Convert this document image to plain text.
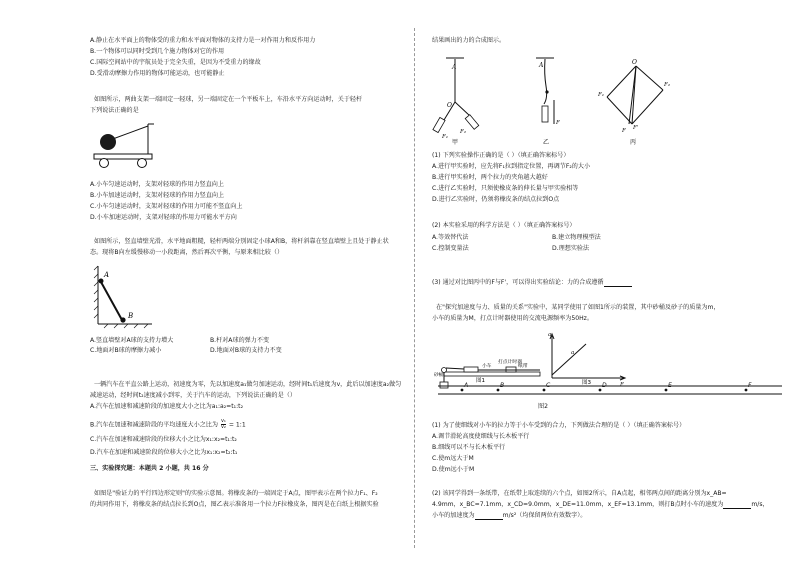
A.静止在水平面上的物体受的重力和水平面对物体的支持力是一对作用力和反作用力
B.一个物体可以同时受到几个施力物体对它的作用
C.国际空间站中的宇航员处于完全失重，是因为不受重力的缘故
D.受滑动摩擦力作用的物体可能运动，也可能静止
如图所示，两曲支架一端固定一轻球，另一端固定在一个平板车上，车沿水平方向运动时，关于轻杆
下列说法正确的是
A.小车匀速运动时，支架对轻球的作用力竖直向上
B.小车加速运动时，支架对轻球的作用力竖直向上
C.小车匀速运动时，支架对轻球的作用力可能不竖直向上
D.小车加速运动时，支架对轻球的作用力可能水平方向
如图所示，竖直墙壁光滑，水平地面粗糙，轻杆两端分别固定小球A和B，将杆斜靠在竖直墙壁上且处于静止状
态。现将B向左缓慢移动一小段距离，然后再次平衡，与原来相比较（）
A
B
A.竖直墙壁对A球的支持力增大	B.杆对A球的弹力不变
C.地面对B球的摩擦力减小	D.地面对B球的支持力不变
一辆汽车在平直公路上运动，初速度为零，先以加速度a₁做匀加速运动，经时间t₁后速度为v，此后以加速度a₂做匀
减速运动，经时间t₂速度减小到零，关于汽车的运动，下列说法正确的是（）
A.汽车在加速和减速阶段的加速度大小之比为a₁:a₂=t₁:t₂
B.汽车在加速和减速阶段的平均速度大小之比为 $\frac{\text{v₁}}{\text{v₂}}$ = 1:1
C.汽车在加速和减速阶段的位移大小之比为x₁:x₂=t₁:t₂
D.汽车在加速和减速阶段的位移大小之比为x₁:x₂=t₂:t₁
三、实验探究题：本题共 2 小题，共 16 分
如图是"验证力的平行四边形定则"的实验示意图。将橡皮条的一端固定于A点，图甲表示在两个拉力F₁、F₂
的共同作用下，将橡皮条的结点拉长到O点，图乙表示准备用一个拉力F拉橡皮条，图丙是在白纸上根据实验
结果画出的力的合成图示。
A
O
F₁
F₂
甲
A
F
乙
O
F₁
F₂
F F'
丙
(1) 下列实验操作正确的是（ ）（填正确答案标号）
A.进行甲实验时，应先将F₁拉到指定位置，再调节F₂的大小
B.进行甲实验时，两个拉力的夹角越大越好
C.进行乙实验时，只须使橡皮条的伸长量与甲实验相等
D.进行乙实验时，仍须将橡皮条的结点拉到O点
(2) 本实验采用的科学方法是（ ）（填正确答案标号）
A.等效替代法	B.建立物理模型法
C.控制变量法	D.理想实验法
(3) 通过对比图丙中的F与F'，可以得出实验结论：力的合成遵循
在"探究加速度与力、质量的关系"实验中，某同学使用了如图1所示的装置，其中砂桶及砂子的质量为m，
小车的质量为M，打点计时器使用的交流电源频率为50Hz。
砂桶
打点计时器
小车	纸带
图1
a
a
F
图3
A	B	C	D	E	F
图2
(1) 为了使细线对小车的拉力等于小车受到的合力，下列做法合理的是（ ）（填正确答案标号）
A.调节滑轮高度使细线与长木板平行
B.细线可以不与长木板平行
C.使m远大于M
D.使m远小于M
(2) 该同学得到一条纸带，在纸带上取连续的六个点，如图2所示，自A点起，相邻两点间的距离分别为x_AB=
4.9mm，x_BC=7.1mm，x_CD=9.0mm，x_DE=11.0mm，x_EF=13.1mm，则打B点时小车的速度为	m/s，
小车的加速度为	m/s²（均保留两位有效数字）。
